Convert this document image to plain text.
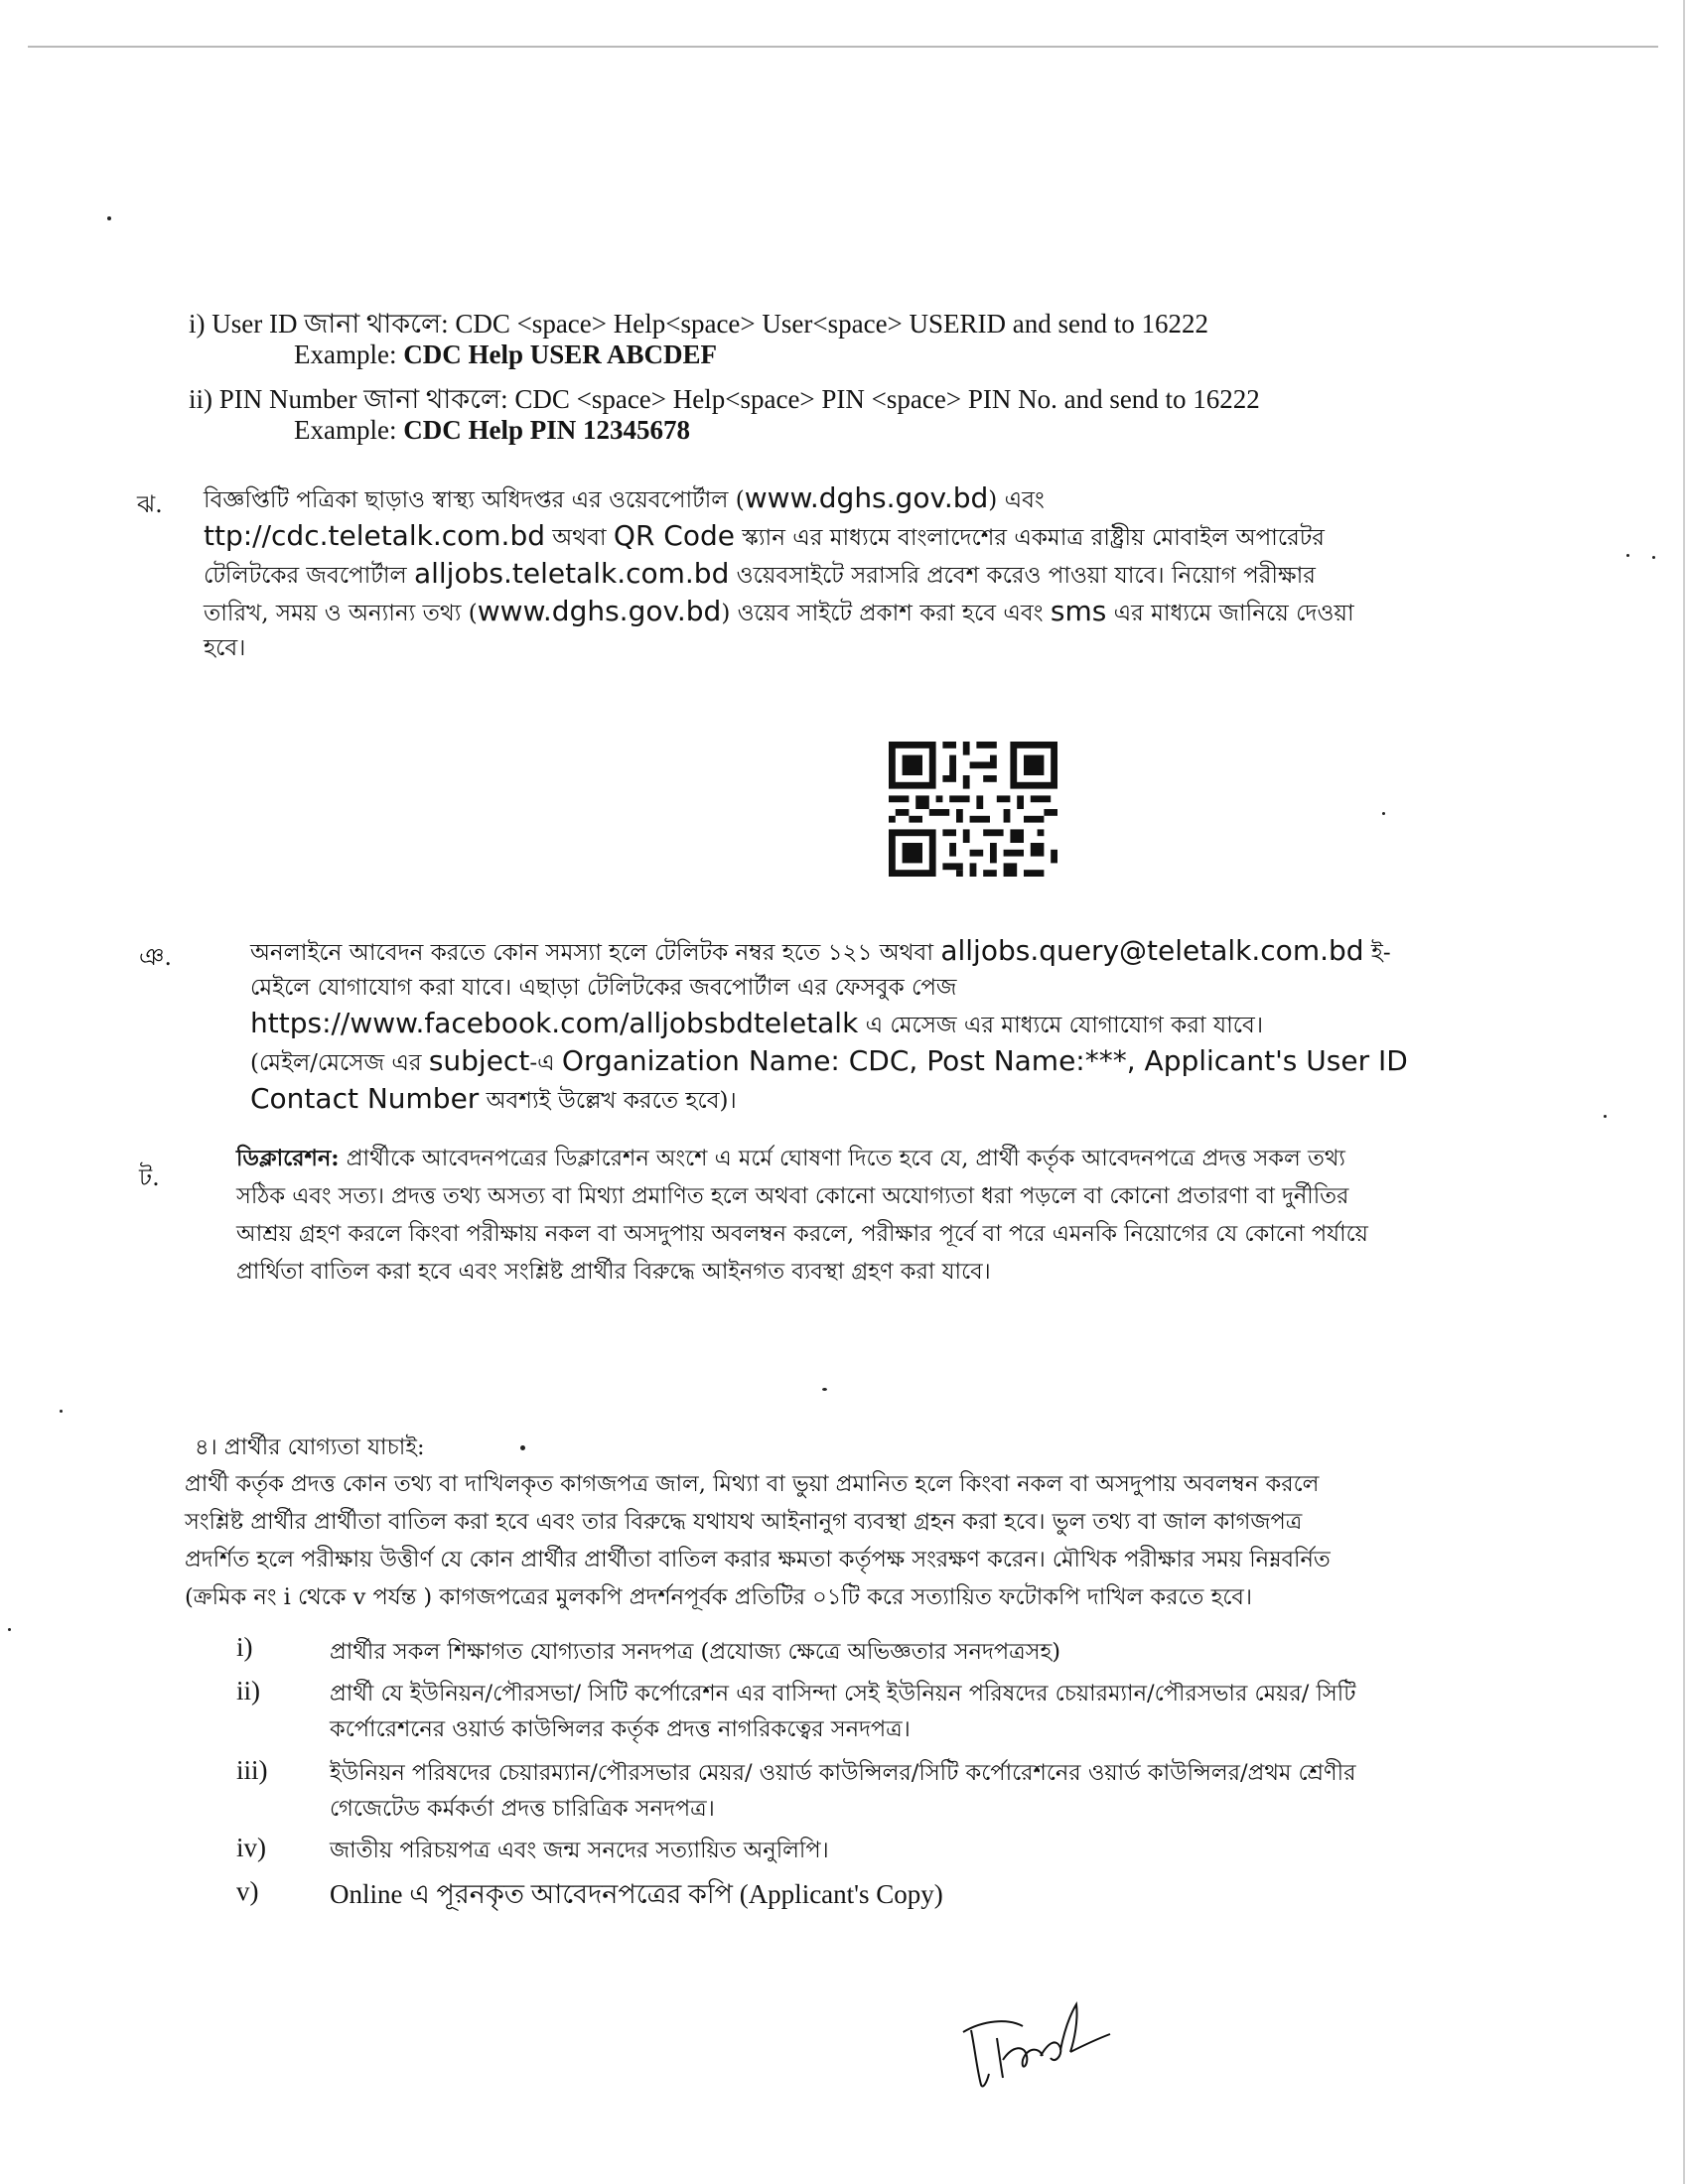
i) User ID জানা থাকলে: CDC <space> Help<space> User<space> USERID and send to 16222
Example: CDC Help USER ABCDEF
ii) PIN Number জানা থাকলে: CDC <space> Help<space> PIN <space> PIN No. and send to 16222
Example: CDC Help PIN 12345678
ঝ. বিজ্ঞপ্তিটি পত্রিকা ছাড়াও স্বাস্থ্য অধিদপ্তর এর ওয়েবপোর্টাল (www.dghs.gov.bd) এবং
ttp://cdc.teletalk.com.bd অথবা QR Code স্ক্যান এর মাধ্যমে বাংলাদেশের একমাত্র রাষ্ট্রীয় মোবাইল অপারেটর
টেলিটকের জবপোর্টাল alljobs.teletalk.com.bd ওয়েবসাইটে সরাসরি প্রবেশ করেও পাওয়া যাবে। নিয়োগ পরীক্ষার
তারিখ, সময় ও অন্যান্য তথ্য (www.dghs.gov.bd) ওয়েব সাইটে প্রকাশ করা হবে এবং sms এর মাধ্যমে জানিয়ে দেওয়া
হবে।
ঞ.	অনলাইনে আবেদন করতে কোন সমস্যা হলে টেলিটক নম্বর হতে ১২১ অথবা alljobs.query@teletalk.com.bd ই-
মেইলে যোগাযোগ করা যাবে। এছাড়া টেলিটকের জবপোর্টাল এর ফেসবুক পেজ
https://www.facebook.com/alljobsbdteletalk এ মেসেজ এর মাধ্যমে যোগাযোগ করা যাবে।
(মেইল/মেসেজ এর subject-এ Organization Name: CDC, Post Name:***, Applicant's User ID
Contact Number অবশ্যই উল্লেখ করতে হবে)।
ট.
ডিক্লারেশন: প্রার্থীকে আবেদনপত্রের ডিক্লারেশন অংশে এ মর্মে ঘোষণা দিতে হবে যে, প্রার্থী কর্তৃক আবেদনপত্রে প্রদত্ত সকল তথ্য
সঠিক এবং সত্য। প্রদত্ত তথ্য অসত্য বা মিথ্যা প্রমাণিত হলে অথবা কোনো অযোগ্যতা ধরা পড়লে বা কোনো প্রতারণা বা দুর্নীতির
আশ্রয় গ্রহণ করলে কিংবা পরীক্ষায় নকল বা অসদুপায় অবলম্বন করলে, পরীক্ষার পূর্বে বা পরে এমনকি নিয়োগের যে কোনো পর্যায়ে
প্রার্থিতা বাতিল করা হবে এবং সংশ্লিষ্ট প্রার্থীর বিরুদ্ধে আইনগত ব্যবস্থা গ্রহণ করা যাবে।
৪। প্রার্থীর যোগ্যতা যাচাই:
প্রার্থী কর্তৃক প্রদত্ত কোন তথ্য বা দাখিলকৃত কাগজপত্র জাল, মিথ্যা বা ভুয়া প্রমানিত হলে কিংবা নকল বা অসদুপায় অবলম্বন করলে
সংশ্লিষ্ট প্রার্থীর প্রার্থীতা বাতিল করা হবে এবং তার বিরুদ্ধে যথাযথ আইনানুগ ব্যবস্থা গ্রহন করা হবে। ভুল তথ্য বা জাল কাগজপত্র
প্রদর্শিত হলে পরীক্ষায় উত্তীর্ণ যে কোন প্রার্থীর প্রার্থীতা বাতিল করার ক্ষমতা কর্তৃপক্ষ সংরক্ষণ করেন। মৌখিক পরীক্ষার সময় নিম্নবর্নিত
(ক্রমিক নং i থেকে v পর্যন্ত ) কাগজপত্রের মুলকপি প্রদর্শনপূর্বক প্রতিটির ০১টি করে সত্যায়িত ফটোকপি দাখিল করতে হবে।
i)	প্রার্থীর সকল শিক্ষাগত যোগ্যতার সনদপত্র (প্রযোজ্য ক্ষেত্রে অভিজ্ঞতার সনদপত্রসহ)
ii)	প্রার্থী যে ইউনিয়ন/পৌরসভা/ সিটি কর্পোরেশন এর বাসিন্দা সেই ইউনিয়ন পরিষদের চেয়ারম্যান/পৌরসভার মেয়র/ সিটি
কর্পোরেশনের ওয়ার্ড কাউন্সিলর কর্তৃক প্রদত্ত নাগরিকত্বের সনদপত্র।
iii)	ইউনিয়ন পরিষদের চেয়ারম্যান/পৌরসভার মেয়র/ ওয়ার্ড কাউন্সিলর/সিটি কর্পোরেশনের ওয়ার্ড কাউন্সিলর/প্রথম শ্রেণীর
গেজেটেড কর্মকর্তা প্রদত্ত চারিত্রিক সনদপত্র।
iv)	জাতীয় পরিচয়পত্র এবং জন্ম সনদের সত্যায়িত অনুলিপি।
v)	Online এ পূরনকৃত আবেদনপত্রের কপি (Applicant's Copy)
